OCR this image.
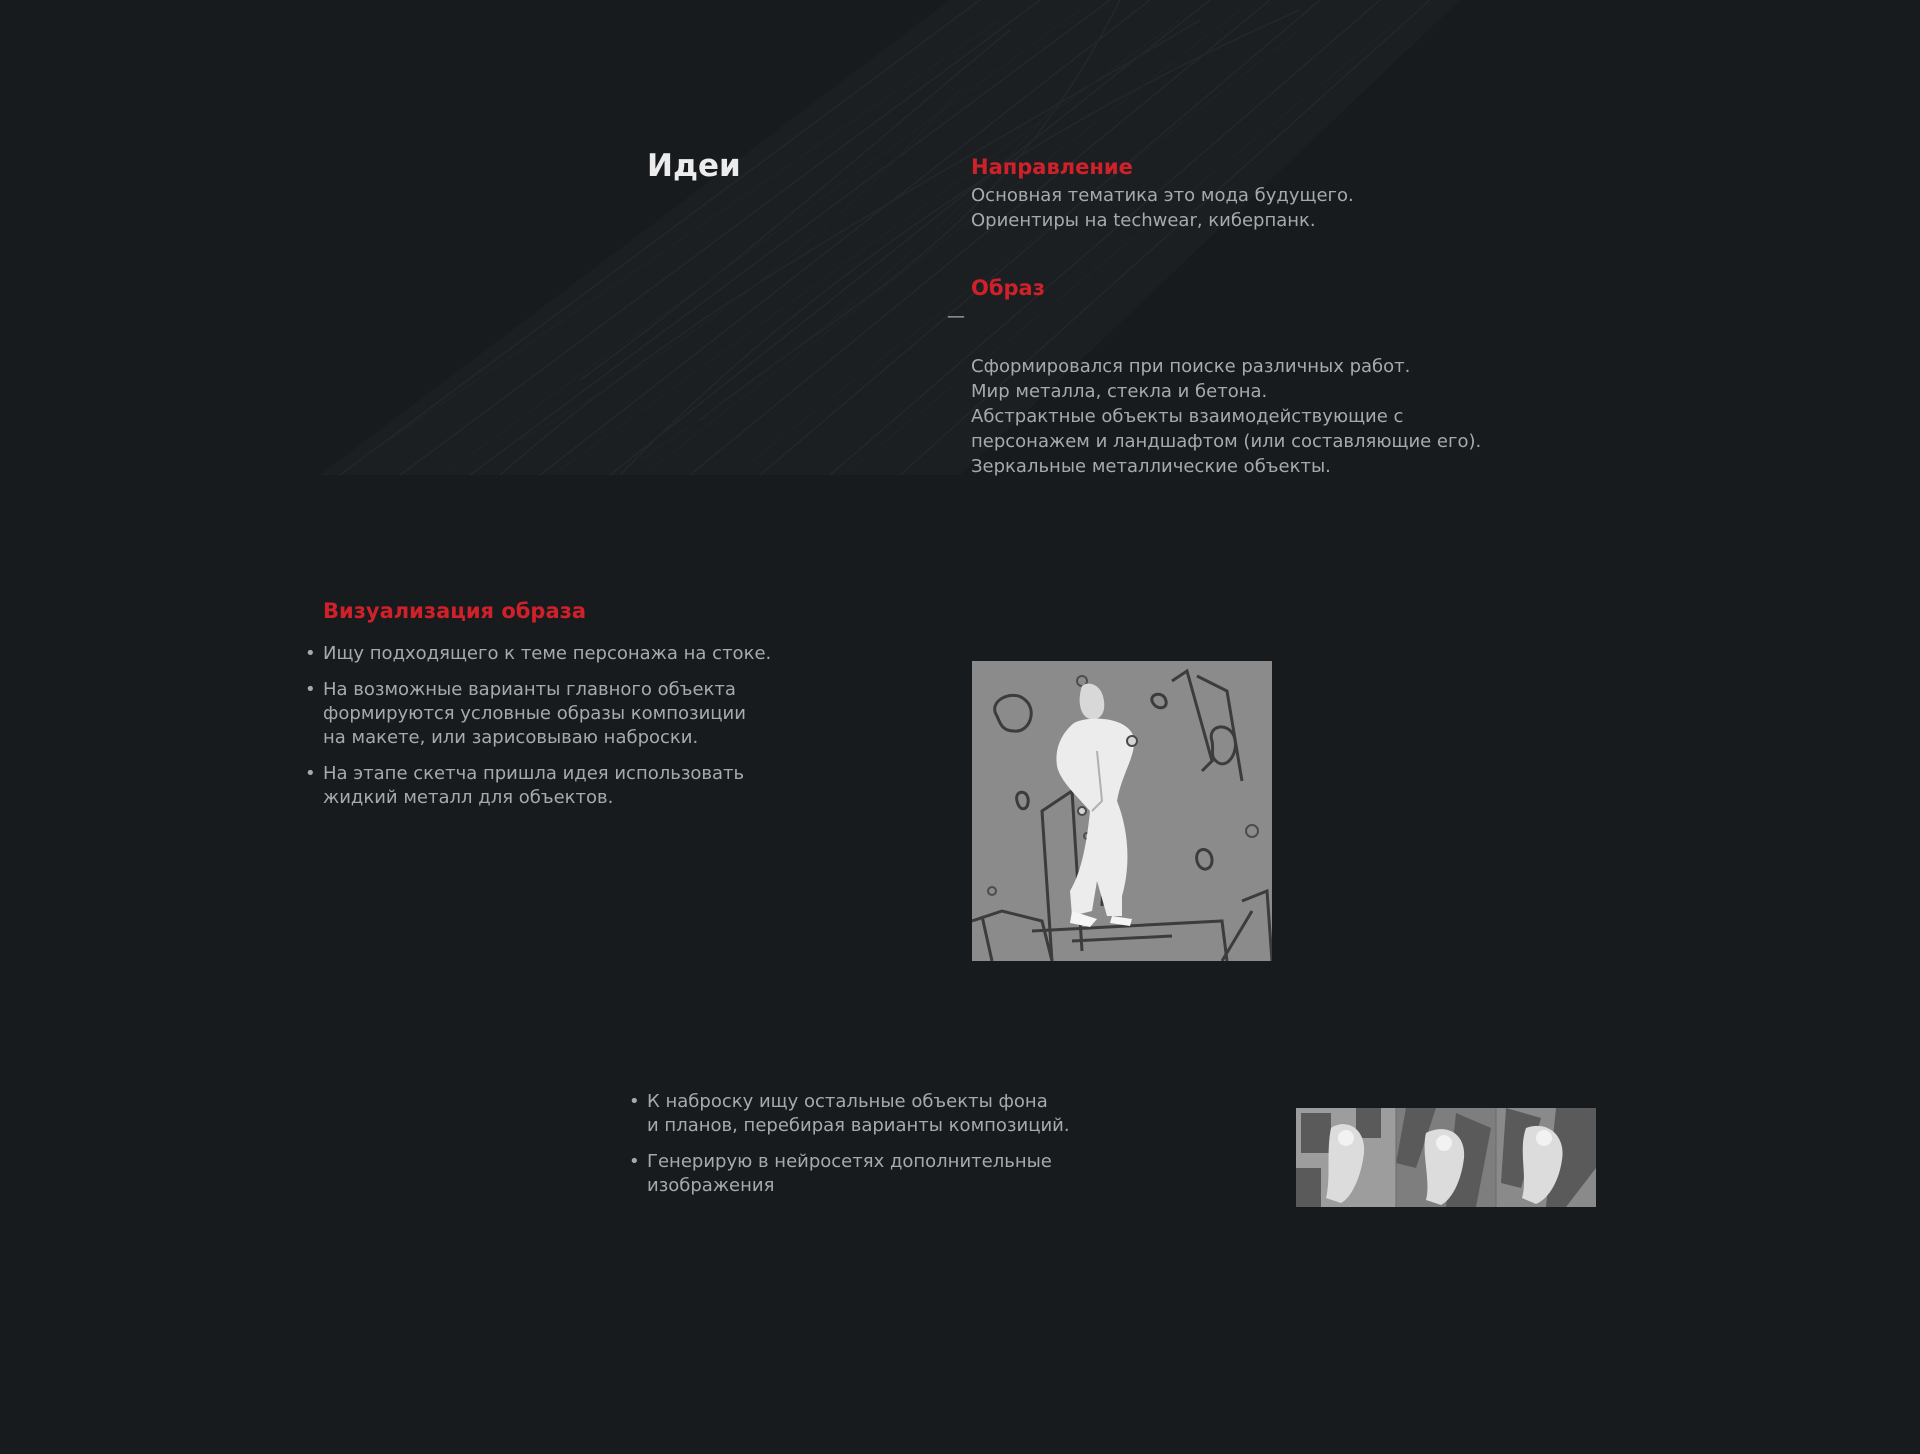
Идеи	Направление

Основная тематика это мода будущего.
Ориентиры на techwear, киберпанк.

Образ

—

Сформировался при поиске различных работ.
Мир металла, стекла и бетона.
Абстрактные объекты взаимодействующие с
персонажем и ландшафтом (или составляющие его).
Зеркальные металлические объекты.

Визуализация образа
• Ищу подходящего к теме персонажа на стоке.
• На возможные варианты главного объекта
формируются условные образы композиции
на макете, или зарисовываю наброски.
• На этапе скетча пришла идея использовать
жидкий металл для объектов.
• К наброску ищу остальные объекты фона
и планов, перебирая варианты композиций.
• Генерирую в нейросетях дополнительные
изображения
